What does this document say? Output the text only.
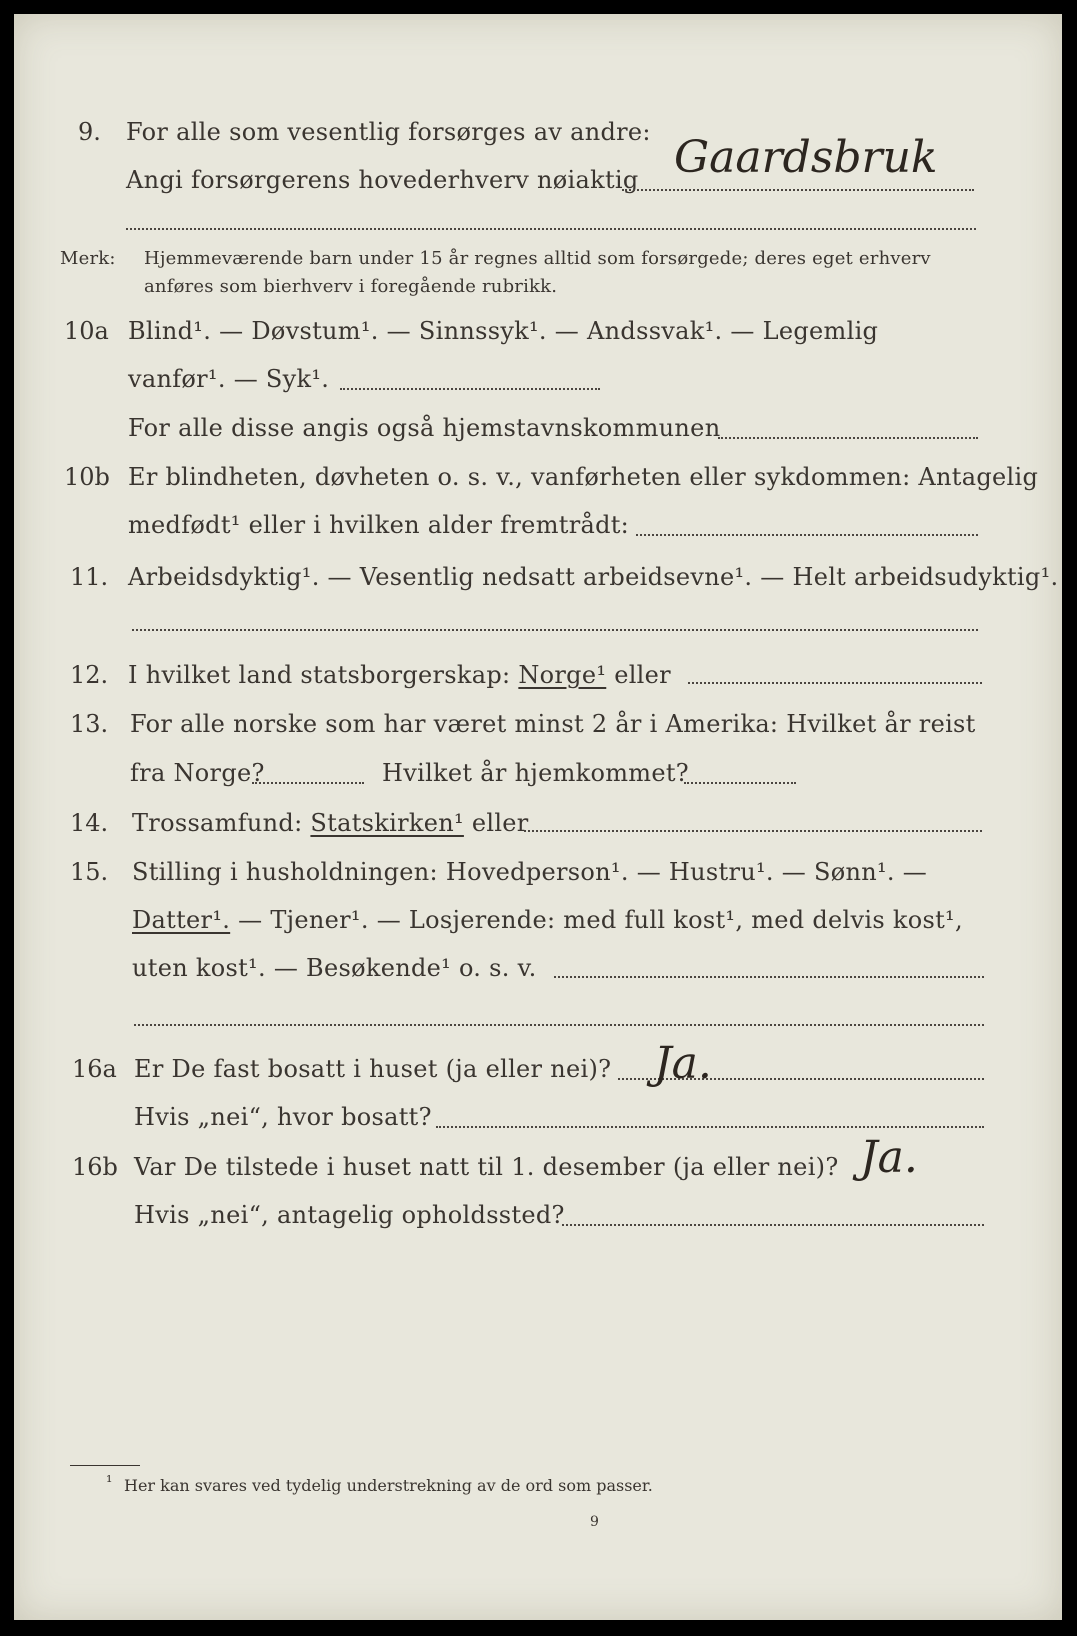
9. For alle som vesentlig forsørges av andre:
Angi forsørgerens hovederhverv nøiaktig Gaardsbruk
Merk: Hjemmeværende barn under 15 år regnes alltid som forsørgede; deres eget erhverv
anføres som bierhverv i foregående rubrikk.
10a Blind¹. — Døvstum¹. — Sinnssyk¹. — Andssvak¹. — Legemlig
vanfør¹. — Syk¹.
For alle disse angis også hjemstavnskommunen
10b Er blindheten, døvheten o. s. v., vanførheten eller sykdommen: Antagelig
medfødt¹ eller i hvilken alder fremtrådt:
11. Arbeidsdyktig¹. — Vesentlig nedsatt arbeidsevne¹. — Helt arbeidsudyktig¹.
12. I hvilket land statsborgerskap: Norge¹ eller
13. For alle norske som har været minst 2 år i Amerika: Hvilket år reist
fra Norge?	Hvilket år hjemkommet?
14. Trossamfund: Statskirken¹ eller
15. Stilling i husholdningen: Hovedperson¹. — Hustru¹. — Sønn¹. —
Datter¹. — Tjener¹. — Losjerende: med full kost¹, med delvis kost¹,
uten kost¹. — Besøkende¹ o. s. v.
16a Er De fast bosatt i huset (ja eller nei)? Ja.
Hvis „nei“, hvor bosatt?
16b Var De tilstede i huset natt til 1. desember (ja eller nei)? Ja.
Hvis „nei“, antagelig opholdssted?
¹ Her kan svares ved tydelig understrekning av de ord som passer.
9
